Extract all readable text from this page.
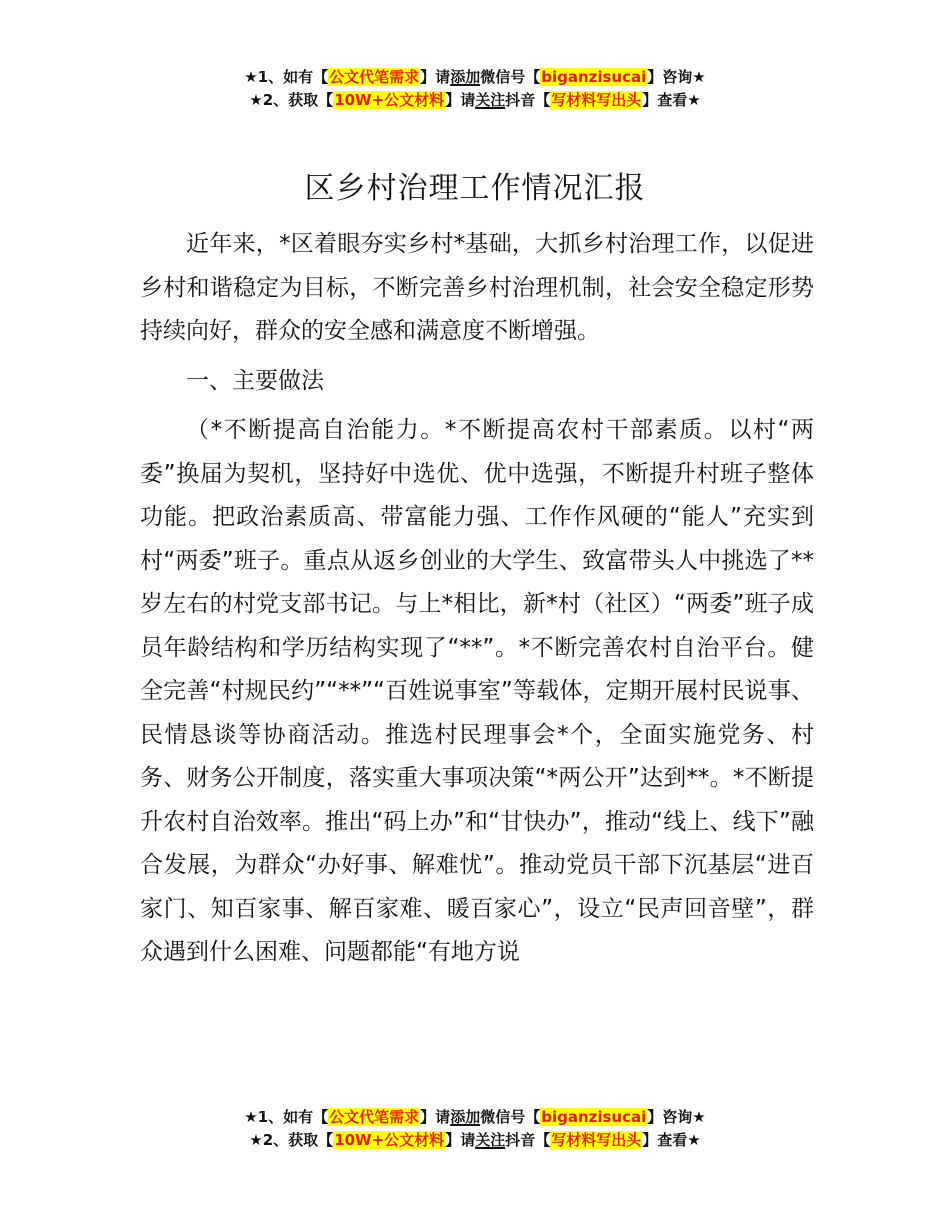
★1、如有【公文代笔需求】请添加微信号【biganzisucai】咨询★
★2、获取【10W+公文材料】请关注抖音【写材料写出头】查看★
区乡村治理工作情况汇报

近年来，*区着眼夯实乡村*基础，大抓乡村治理工作，以促进乡村和谐稳定为目标，不断完善乡村治理机制，社会安全稳定形势持续向好，群众的安全感和满意度不断增强。

一、主要做法

（*不断提高自治能力。*不断提高农村干部素质。以村“两委”换届为契机，坚持好中选优、优中选强，不断提升村班子整体功能。把政治素质高、带富能力强、工作作风硬的“能人”充实到村“两委”班子。重点从返乡创业的大学生、致富带头人中挑选了**岁左右的村党支部书记。与上*相比，新*村（社区）“两委”班子成员年龄结构和学历结构实现了“**”。*不断完善农村自治平台。健全完善“村规民约”“**”“百姓说事室”等载体，定期开展村民说事、民情恳谈等协商活动。推选村民理事会*个，全面实施党务、村务、财务公开制度，落实重大事项决策“*两公开”达到**。*不断提升农村自治效率。推出“码上办”和“甘快办”，推动“线上、线下”融合发展，为群众“办好事、解难忧”。推动党员干部下沉基层“进百家门、知百家事、解百家难、暖百家心”，设立“民声回音壁”，群众遇到什么困难、问题都能“有地方说

★1、如有【公文代笔需求】请添加微信号【biganzisucai】咨询★
★2、获取【10W+公文材料】请关注抖音【写材料写出头】查看★
